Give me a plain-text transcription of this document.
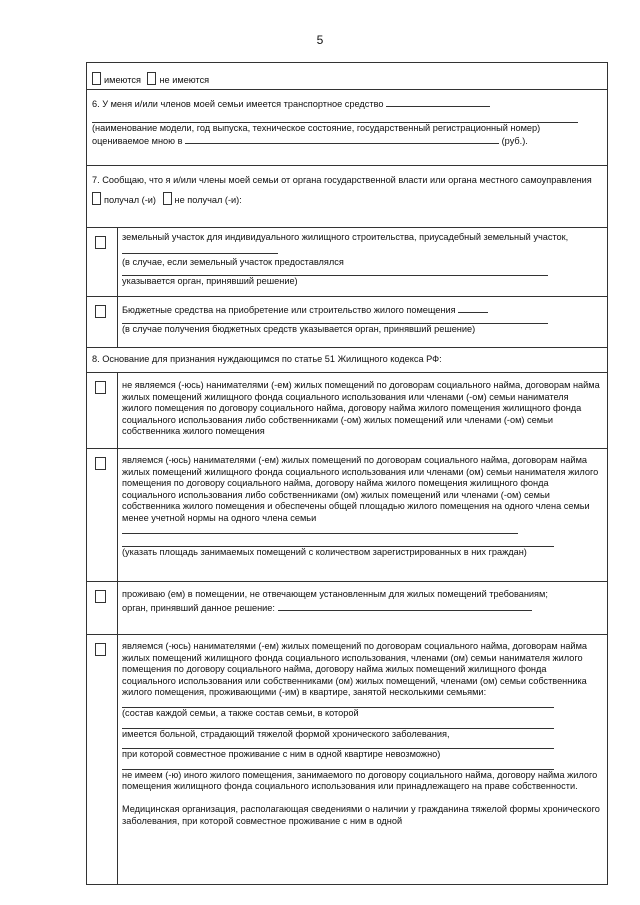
5
имеются не имеются

6. У меня и/или членов моей семьи имеется транспортное средство

(наименование модели, год выпуска, техническое состояние, государственный регистрационный номер)

оцениваемое мною в	(руб.).

7. Сообщаю, что я и/или члены моей семьи от органа государственной власти или органа местного самоуправления

получал (-и) не получал (-и):

земельный участок для индивидуального жилищного строительства, приусадебный земельный участок,

(в случае, если земельный участок предоставлялся

указывается орган, принявший решение)

Бюджетные средства на приобретение или строительство жилого помещения

(в случае получения бюджетных средств указывается орган, принявший решение)

8. Основание для признания нуждающимся по статье 51 Жилищного кодекса РФ:

не являемся (-юсь) нанимателями (-ем) жилых помещений по договорам социального найма, договорам найма жилых помещений жилищного фонда социального использования или членами (-ом) семьи нанимателя жилого помещения по договору социального найма, договору найма жилого помещения жилищного фонда социального использования либо собственниками (-ом) жилых помещений или членами (-ом) семьи собственника жилого помещения

являемся (-юсь) нанимателями (-ем) жилых помещений по договорам социального найма, договорам найма жилых помещений жилищного фонда социального использования или членами (ом) семьи нанимателя жилого помещения по договору социального найма, договору найма жилого помещения жилищного фонда социального использования либо собственниками (ом) жилых помещений или членами (-ом) семьи собственника жилого помещения и обеспечены общей площадью жилого помещения на одного члена семьи менее учетной нормы на одного члена семьи

(указать площадь занимаемых помещений с количеством зарегистрированных в них граждан)

проживаю (ем) в помещении, не отвечающем установленным для жилых помещений требованиям;

орган, принявший данное решение:

являемся (-юсь) нанимателями (-ем) жилых помещений по договорам социального найма, договорам найма жилых помещений жилищного фонда социального использования, членами (ом) семьи нанимателя жилого помещения по договору социального найма, договору найма жилых помещений жилищного фонда социального использования или собственниками (ом) жилых помещений, членами (ом) семьи собственника жилого помещения, проживающими (-им) в квартире, занятой несколькими семьями:

(состав каждой семьи, а также состав семьи, в которой

имеется больной, страдающий тяжелой формой хронического заболевания,

при которой совместное проживание с ним в одной квартире невозможно)

не имеем (-ю) иного жилого помещения, занимаемого по договору социального найма, договору найма жилого помещения жилищного фонда социального использования или принадлежащего на праве собственности.

Медицинская организация, располагающая сведениями о наличии у гражданина тяжелой формы хронического заболевания, при которой совместное проживание с ним в одной
